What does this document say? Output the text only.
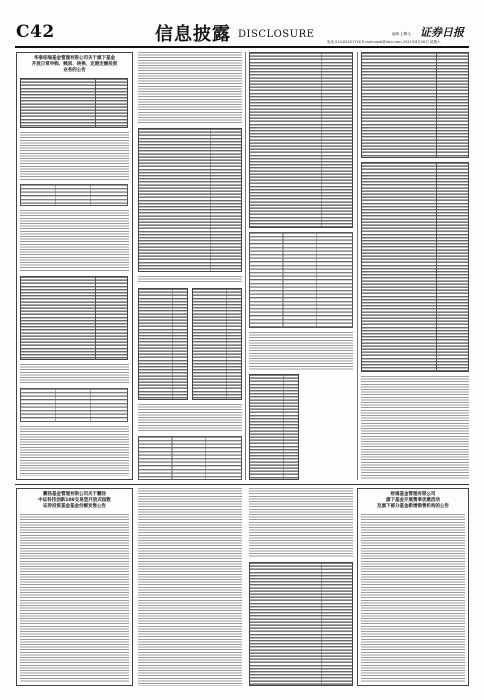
C42	信息披露 DISCLOSURE	编辑 王腾飞 证券日报
电话 010-83251716 E-mail:zqsb@stcn.com 2021年6月26日 星期六
华泰柏瑞基金管理有限公司关于旗下基金
开放日常申购、赎回、转换、定期定额投资
业务的公告
鹏扬基金管理有限公司关于鹏扬
中证科技创新100交易型开放式指数
证券投资基金基金份额发售公告
财通基金管理有限公司
旗下基金开展费率优惠活动
及旗下部分基金新增销售机构的公告
